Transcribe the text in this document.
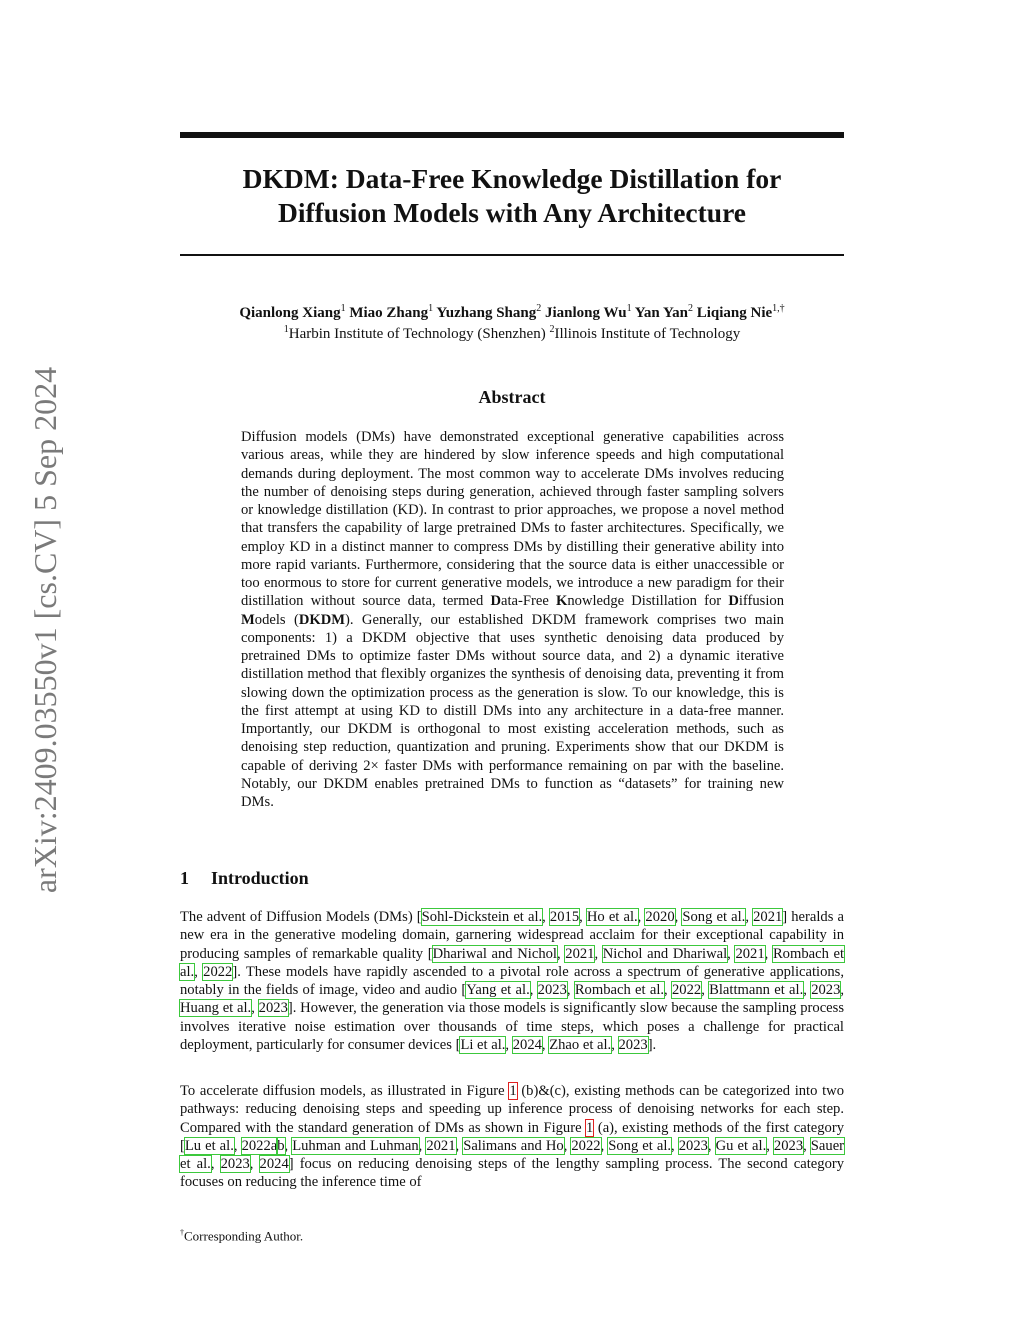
arXiv:2409.03550v1 [cs.CV] 5 Sep 2024
DKDM: Data-Free Knowledge Distillation for
Diffusion Models with Any Architecture
Qianlong Xiang$^1$ Miao Zhang$^1$ Yuzhang Shang$^2$ Jianlong Wu$^1$ Yan Yan$^2$ Liqiang Nie$^{1,\dagger}$
$^1$Harbin Institute of Technology (Shenzhen) $^2$Illinois Institute of Technology
Abstract
Diffusion models (DMs) have demonstrated exceptional generative capabilities across various areas, while they are hindered by slow inference speeds and high computational demands during deployment. The most common way to accelerate DMs involves reducing the number of denoising steps during generation, achieved through faster sampling solvers or knowledge distillation (KD). In contrast to prior approaches, we propose a novel method that transfers the capability of large pretrained DMs to faster architectures. Specifically, we employ KD in a distinct manner to compress DMs by distilling their generative ability into more rapid variants. Furthermore, considering that the source data is either unaccessible or too enormous to store for current generative models, we introduce a new paradigm for their distillation without source data, termed Data-Free Knowledge Distillation for Diffusion Models (DKDM). Generally, our established DKDM framework comprises two main components: 1) a DKDM objective that uses synthetic denoising data produced by pretrained DMs to optimize faster DMs without source data, and 2) a dynamic iterative distillation method that flexibly organizes the synthesis of denoising data, preventing it from slowing down the optimization process as the generation is slow. To our knowledge, this is the first attempt at using KD to distill DMs into any architecture in a data-free manner. Importantly, our DKDM is orthogonal to most existing acceleration methods, such as denoising step reduction, quantization and pruning. Experiments show that our DKDM is capable of deriving 2× faster DMs with performance remaining on par with the baseline. Notably, our DKDM enables pretrained DMs to function as “datasets” for training new DMs.
1 Introduction
The advent of Diffusion Models (DMs) [Sohl-Dickstein et al., 2015, Ho et al., 2020, Song et al., 2021] heralds a new era in the generative modeling domain, garnering widespread acclaim for their exceptional capability in producing samples of remarkable quality [Dhariwal and Nichol, 2021, Nichol and Dhariwal, 2021, Rombach et al., 2022]. These models have rapidly ascended to a pivotal role across a spectrum of generative applications, notably in the fields of image, video and audio [Yang et al., 2023, Rombach et al., 2022, Blattmann et al., 2023, Huang et al., 2023]. However, the generation via those models is significantly slow because the sampling process involves iterative noise estimation over thousands of time steps, which poses a challenge for practical deployment, particularly for consumer devices [Li et al., 2024, Zhao et al., 2023].
To accelerate diffusion models, as illustrated in Figure 1 (b)&(c), existing methods can be categorized into two pathways: reducing denoising steps and speeding up inference process of denoising networks for each step. Compared with the standard generation of DMs as shown in Figure 1 (a), existing methods of the first category [Lu et al., 2022ab, Luhman and Luhman, 2021, Salimans and Ho, 2022, Song et al., 2023, Gu et al., 2023, Sauer et al., 2023, 2024] focus on reducing denoising steps of the lengthy sampling process. The second category focuses on reducing the inference time of
†Corresponding Author.
